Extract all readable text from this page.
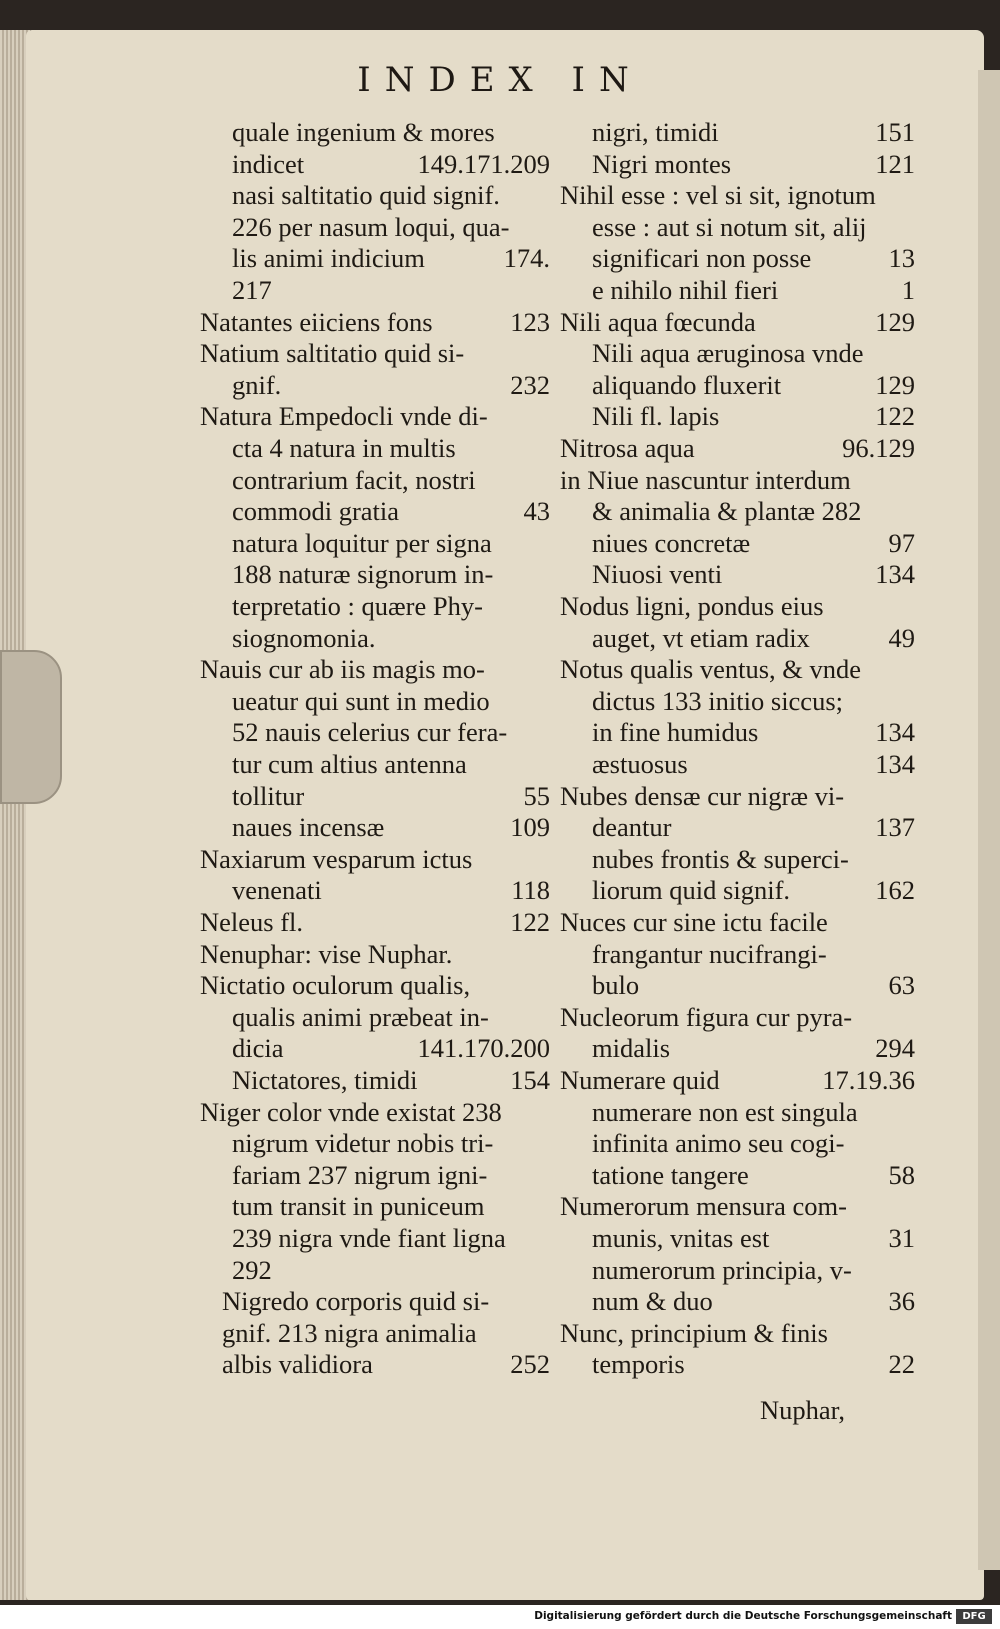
INDEX IN
quale ingenium & mores
indicet	149.171.209
nasi saltitatio quid signif.
226 per nasum loqui, qua-
lis animi indicium	174.
217
Natantes eiiciens fons	123
Natium saltitatio quid si-
gnif.	232
Natura Empedocli vnde di-
cta 4 natura in multis
contrarium facit, nostri
commodi gratia	43
natura loquitur per signa
188 naturæ signorum in-
terpretatio : quære Phy-
siognomonia.
Nauis cur ab iis magis mo-
ueatur qui sunt in medio
52 nauis celerius cur fera-
tur cum altius antenna
tollitur	55
naues incensæ	109
Naxiarum vesparum ictus
venenati	118
Neleus fl.	122
Nenuphar: vise Nuphar.
Nictatio oculorum qualis,
qualis animi præbeat in-
dicia	141.170.200
Nictatores, timidi	154
Niger color vnde existat 238
nigrum videtur nobis tri-
fariam 237 nigrum igni-
tum transit in puniceum
239 nigra vnde fiant ligna
292
Nigredo corporis quid si-
gnif. 213 nigra animalia
albis validiora	252
nigri, timidi	151
Nigri montes	121
Nihil esse : vel si sit, ignotum
esse : aut si notum sit, alij
significari non posse	13
e nihilo nihil fieri	1
Nili aqua fœcunda	129
Nili aqua æruginosa vnde
aliquando fluxerit	129
Nili fl. lapis	122
Nitrosa aqua	96.129
in Niue nascuntur interdum
& animalia & plantæ 282
niues concretæ	97
Niuosi venti	134
Nodus ligni, pondus eius
auget, vt etiam radix	49
Notus qualis ventus, & vnde
dictus 133 initio siccus;
in fine humidus	134
æstuosus	134
Nubes densæ cur nigræ vi-
deantur	137
nubes frontis & superci-
liorum quid signif.	162
Nuces cur sine ictu facile
frangantur nucifrangi-
bulo	63
Nucleorum figura cur pyra-
midalis	294
Numerare quid	17.19.36
numerare non est singula
infinita animo seu cogi-
tatione tangere	58
Numerorum mensura com-
munis, vnitas est	31
numerorum principia, v-
num & duo	36
Nunc, principium & finis
temporis	22
Nuphar,
Digitalisierung gefördert durch die Deutsche Forschungsgemeinschaft	DFG
